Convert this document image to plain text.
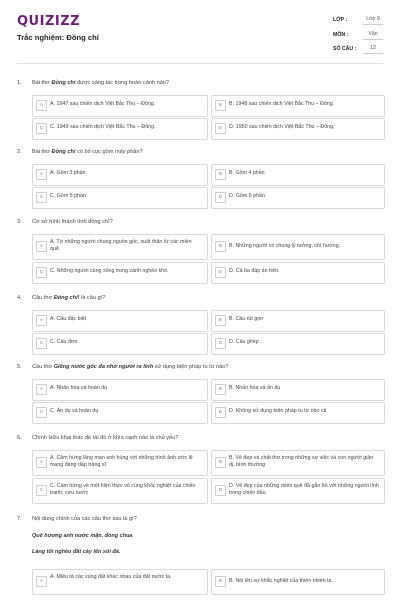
QUIZIZZ
Trắc nghiệm: Đồng chí
LỚP :	Lớp 9
MÔN :	Văn
SỐ CÂU :	12
1. Bài thơ Đồng chí được sáng tác trong hoàn cảnh nào?
A	A. 1947 sau chiến dịch Việt Bắc Thu – Đông.	B	B. 1948 sau chiến dịch Việt Bắc Thu – Đông.
C	C. 1949 sau chiến dịch Việt Bắc Thu – Đông.	D	D. 1950 sau chiến dịch Việt Bắc Thu – Đông.
2. Bài thơ Đồng chí có bố cục gồm mấy phần?
A	A. Gồm 3 phần	B	B. Gồm 4 phần
C	C. Gồm 5 phần	D	D. Gồm 6 phần
3. Cơ sở hình thành tình đồng chí?
A
A. Từ những người chung nguồn gốc, xuất thân từ các miền quê.	B	B. Những người có chung lý tưởng, chí hướng.
C	C. Những người cùng sống trong cảnh nghèo khó.	D	D. Cả ba đáp án trên.
4. Câu thơ Đồng chí! là câu gì?
A	A. Câu đặc biệt	B	B. Câu rút gọn
C	C. Câu đơn	D	D. Câu ghép
5. Câu thơ Giếng nước gốc đa nhớ người ra lính sử dụng biện pháp tu từ nào?
A	A. Nhân hóa và hoán dụ	B	B. Nhân hóa và ẩn dụ
C	C. Ẩn dụ và hoán dụ	D	D. Không sử dụng biện pháp tu từ nào cả
6. Chính Hữu khai thác đề tài đó ở khía cạnh nào là chủ yếu?
A
A. Cảm hứng lãng mạn anh hùng với những hình ảnh ước lệ mang đáng dấp tráng sĩ	B
B. Vẻ đẹp và chất thơ trong những sự việc và con người giản dị, bình thường
C
C. Cảm hứng về một hiện thực vô cùng khốc nghiệt của chiến tranh, cứu nước	D
D. Vẻ đẹp của những miền quê đã gắn bó với những người lính trong chiến đấu
7. Nội dung chính của các câu thơ sau là gì?
Quê hương anh nước mặn, đồng chua
Làng tôi nghèo đất cày lên sỏi đá.
A
A. Miêu tả các vùng đất khác nhau của đất nước ta.
B	B. Nói lên sự khắc nghiệt của thiên nhiên ta.
